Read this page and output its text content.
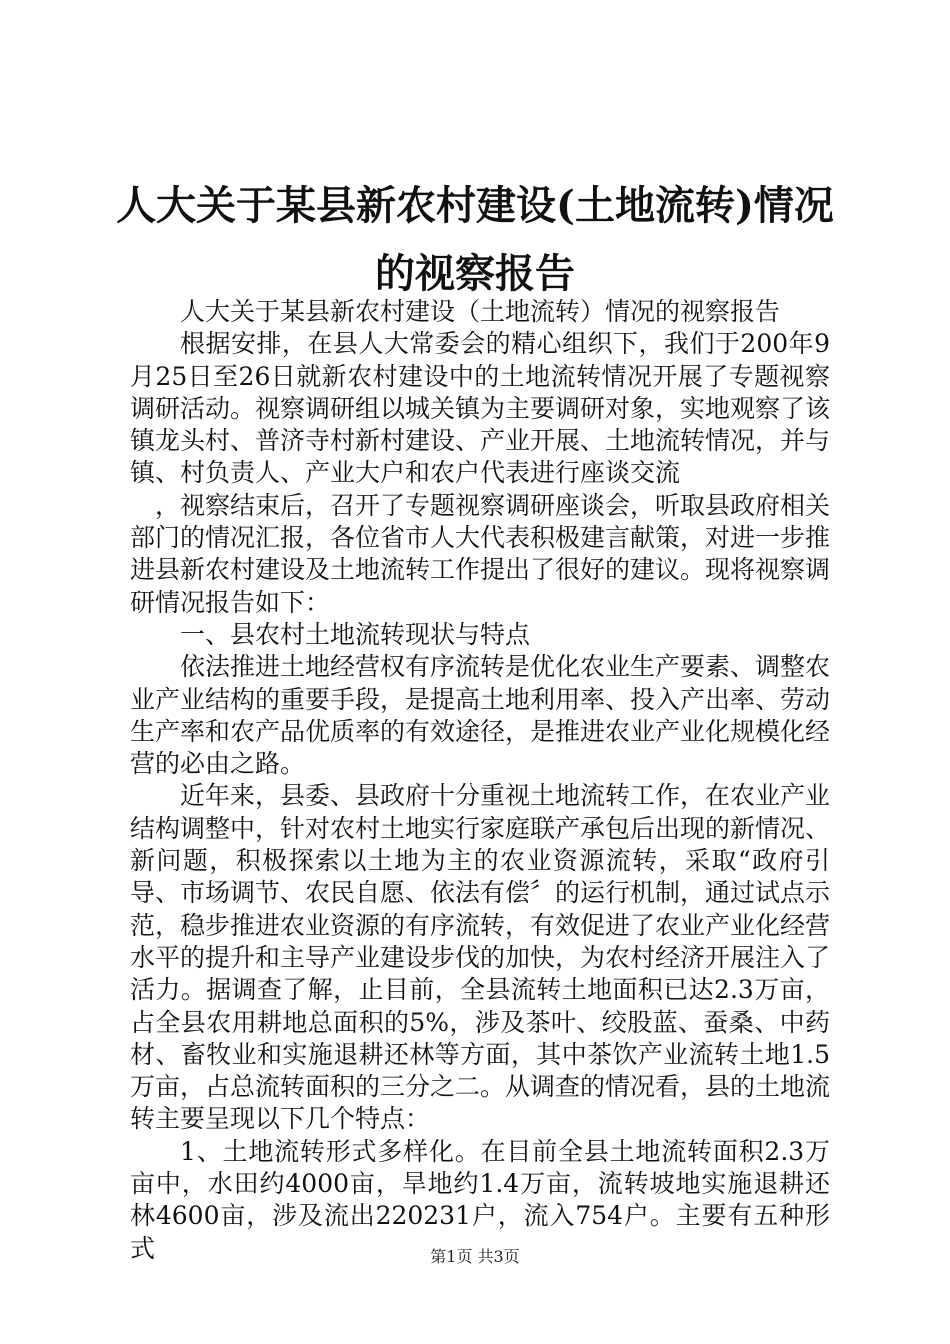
人大关于某县新农村建设(土地流转)情况的视察报告

人大关于某县新农村建设（土地流转）情况的视察报告

根据安排，在县人大常委会的精心组织下，我们于200年9月25日至26日就新农村建设中的土地流转情况开展了专题视察调研活动。视察调研组以城关镇为主要调研对象，实地观察了该镇龙头村、普济寺村新村建设、产业开展、土地流转情况，并与镇、村负责人、产业大户和农户代表进行座谈交流

，视察结束后，召开了专题视察调研座谈会，听取县政府相关部门的情况汇报，各位省市人大代表积极建言献策，对进一步推进县新农村建设及土地流转工作提出了很好的建议。现将视察调研情况报告如下：

一、县农村土地流转现状与特点

依法推进土地经营权有序流转是优化农业生产要素、调整农业产业结构的重要手段，是提高土地利用率、投入产出率、劳动生产率和农产品优质率的有效途径，是推进农业产业化规模化经营的必由之路。

近年来，县委、县政府十分重视土地流转工作，在农业产业结构调整中，针对农村土地实行家庭联产承包后出现的新情况、新问题，积极探索以土地为主的农业资源流转，采取“政府引导、市场调节、农民自愿、依法有偿〞的运行机制，通过试点示范，稳步推进农业资源的有序流转，有效促进了农业产业化经营水平的提升和主导产业建设步伐的加快，为农村经济开展注入了活力。据调查了解，止目前，全县流转土地面积已达2.3万亩，占全县农用耕地总面积的5%，涉及茶叶、绞股蓝、蚕桑、中药材、畜牧业和实施退耕还林等方面，其中茶饮产业流转土地1.5万亩，占总流转面积的三分之二。从调查的情况看，县的土地流转主要呈现以下几个特点：

1、土地流转形式多样化。在目前全县土地流转面积2.3万亩中，水田约4000亩，旱地约1.4万亩，流转坡地实施退耕还林4600亩，涉及流出220231户，流入754户。主要有五种形式	第1页 共3页
